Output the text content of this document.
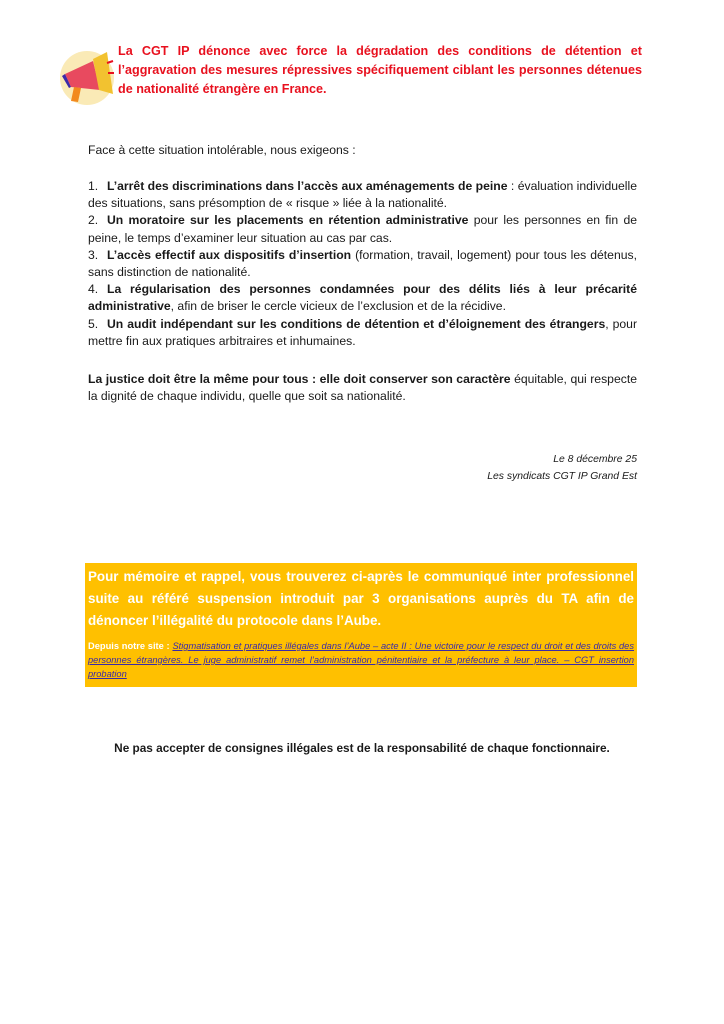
La CGT IP dénonce avec force la dégradation des conditions de détention et l’aggravation des mesures répressives spécifiquement ciblant les personnes détenues de nationalité étrangère en France.
Face à cette situation intolérable, nous exigeons :

1. L’arrêt des discriminations dans l’accès aux aménagements de peine : évaluation individuelle des situations, sans présomption de « risque » liée à la nationalité.

2. Un moratoire sur les placements en rétention administrative pour les personnes en fin de peine, le temps d’examiner leur situation au cas par cas.

3. L’accès effectif aux dispositifs d’insertion (formation, travail, logement) pour tous les détenus, sans distinction de nationalité.

4. La régularisation des personnes condamnées pour des délits liés à leur précarité administrative, afin de briser le cercle vicieux de l’exclusion et de la récidive.

5. Un audit indépendant sur les conditions de détention et d’éloignement des étrangers, pour mettre fin aux pratiques arbitraires et inhumaines.

La justice doit être la même pour tous : elle doit conserver son caractère équitable, qui respecte la dignité de chaque individu, quelle que soit sa nationalité.
Le 8 décembre 25
Les syndicats CGT IP Grand Est
Pour mémoire et rappel, vous trouverez ci-après le communiqué inter professionnel suite au référé suspension introduit par 3 organisations auprès du TA afin de dénoncer l’illégalité du protocole dans l’Aube.
Depuis notre site : Stigmatisation et pratiques illégales dans l’Aube – acte II : Une victoire pour le respect du droit et des droits des personnes étrangères. Le juge administratif remet l’administration pénitentiaire et la préfecture à leur place. – CGT insertion probation
Ne pas accepter de consignes illégales est de la responsabilité de chaque fonctionnaire.
